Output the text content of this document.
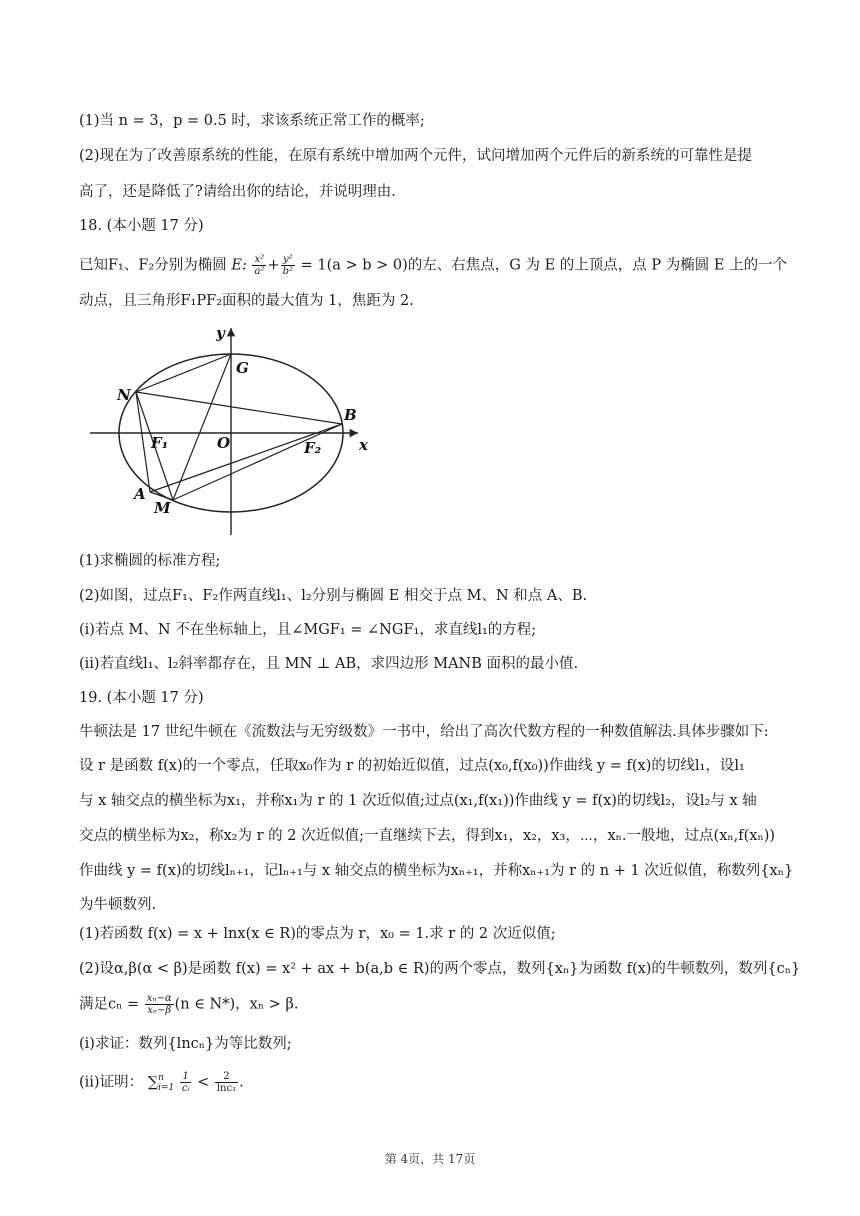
(1)当 n = 3，p = 0.5 时，求该系统正常工作的概率;
(2)现在为了改善原系统的性能，在原有系统中增加两个元件，试问增加两个元件后的新系统的可靠性是提
高了，还是降低了?请给出你的结论，并说明理由.
18. (本小题 17 分)
已知F₁、F₂分别为椭圆 E: $\frac{\text{x²}}{\text{a²}} + \frac{\text{y²}}{\text{b²}} = 1(a > b > 0)$的左、右焦点，G 为 E 的上顶点，点 P 为椭圆 E 上的一个
动点，且三角形F₁PF₂面积的最大值为 1，焦距为 2.
y
x
G
N
B
F₁	O	F₂
A
M
(1)求椭圆的标准方程;
(2)如图，过点F₁、F₂作两直线l₁、l₂分别与椭圆 E 相交于点 M、N 和点 A、B.
(ⅰ)若点 M、N 不在坐标轴上，且∠MGF₁ = ∠NGF₁，求直线l₁的方程;
(ⅱ)若直线l₁、l₂斜率都存在，且 MN ⊥ AB，求四边形 MANB 面积的最小值.
19. (本小题 17 分)
牛顿法是 17 世纪牛顿在《流数法与无穷级数》一书中，给出了高次代数方程的一种数值解法.具体步骤如下:
设 r 是函数 f(x)的一个零点，任取x₀作为 r 的初始近似值，过点(x₀,f(x₀))作曲线 y = f(x)的切线l₁，设l₁
与 x 轴交点的横坐标为x₁，并称x₁为 r 的 1 次近似值;过点(x₁,f(x₁))作曲线 y = f(x)的切线l₂，设l₂与 x 轴
交点的横坐标为x₂，称x₂为 r 的 2 次近似值;一直继续下去，得到x₁，x₂，x₃，⋯，xₙ.一般地，过点(xₙ,f(xₙ))
作曲线 y = f(x)的切线lₙ₊₁，记lₙ₊₁与 x 轴交点的横坐标为xₙ₊₁，并称xₙ₊₁为 r 的 n + 1 次近似值，称数列{xₙ}
为牛顿数列.
(1)若函数 f(x) = x + lnx(x ∈ R)的零点为 r，x₀ = 1.求 r 的 2 次近似值;
(2)设α,β(α < β)是函数 f(x) = x² + ax + b(a,b ∈ R)的两个零点，数列{xₙ}为函数 f(x)的牛顿数列，数列{cₙ}
满足$c_n = \frac{\text{xₙ−α}}{\text{xₙ−β}} (n$ ∈ N*)，xₙ > β.
(ⅰ)求证：数列{lncₙ}为等比数列;
(ⅱ)证明： ∑ n
i=1
$\frac{1}{\text{cᵢ}} < \frac{2}{\text{lnc₁}}$ .
第 4页，共 17页
